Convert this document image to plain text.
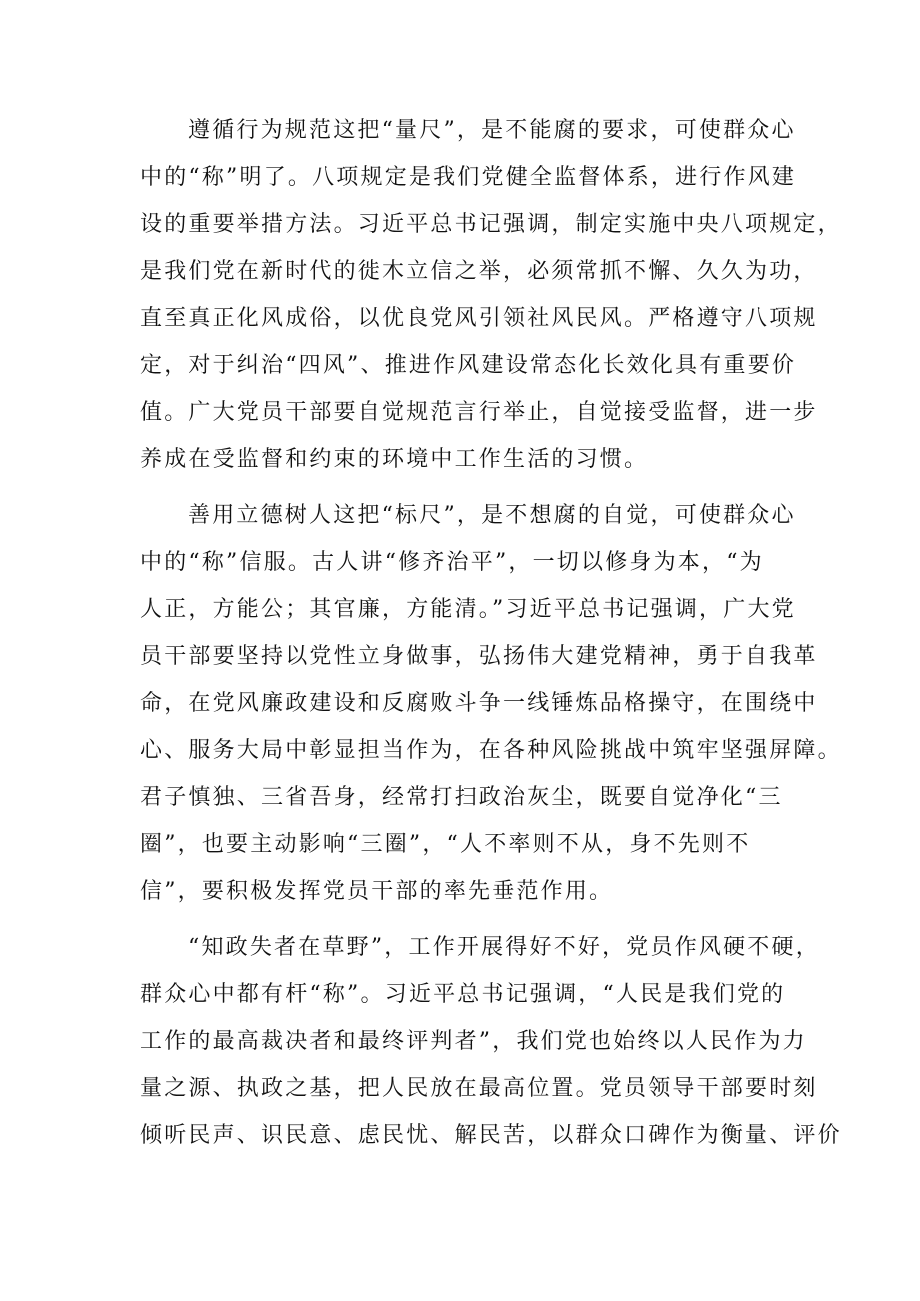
遵循行为规范这把“量尺”，是不能腐的要求，可使群众心

中的“称”明了。八项规定是我们党健全监督体系，进行作风建

设的重要举措方法。习近平总书记强调，制定实施中央八项规定，

是我们党在新时代的徙木立信之举，必须常抓不懈、久久为功，

直至真正化风成俗，以优良党风引领社风民风。严格遵守八项规

定，对于纠治“四风”、推进作风建设常态化长效化具有重要价

值。广大党员干部要自觉规范言行举止，自觉接受监督，进一步

养成在受监督和约束的环境中工作生活的习惯。

善用立德树人这把“标尺”，是不想腐的自觉，可使群众心

中的“称”信服。古人讲“修齐治平”，一切以修身为本，“为

人正，方能公；其官廉，方能清。”习近平总书记强调，广大党

员干部要坚持以党性立身做事，弘扬伟大建党精神，勇于自我革

命，在党风廉政建设和反腐败斗争一线锤炼品格操守，在围绕中

心、服务大局中彰显担当作为，在各种风险挑战中筑牢坚强屏障。

君子慎独、三省吾身，经常打扫政治灰尘，既要自觉净化“三

圈”，也要主动影响“三圈”，“人不率则不从，身不先则不

信”，要积极发挥党员干部的率先垂范作用。

“知政失者在草野”，工作开展得好不好，党员作风硬不硬，

群众心中都有杆“称”。习近平总书记强调，“人民是我们党的

工作的最高裁决者和最终评判者”，我们党也始终以人民作为力

量之源、执政之基，把人民放在最高位置。党员领导干部要时刻

倾听民声、识民意、虑民忧、解民苦，以群众口碑作为衡量、评价
